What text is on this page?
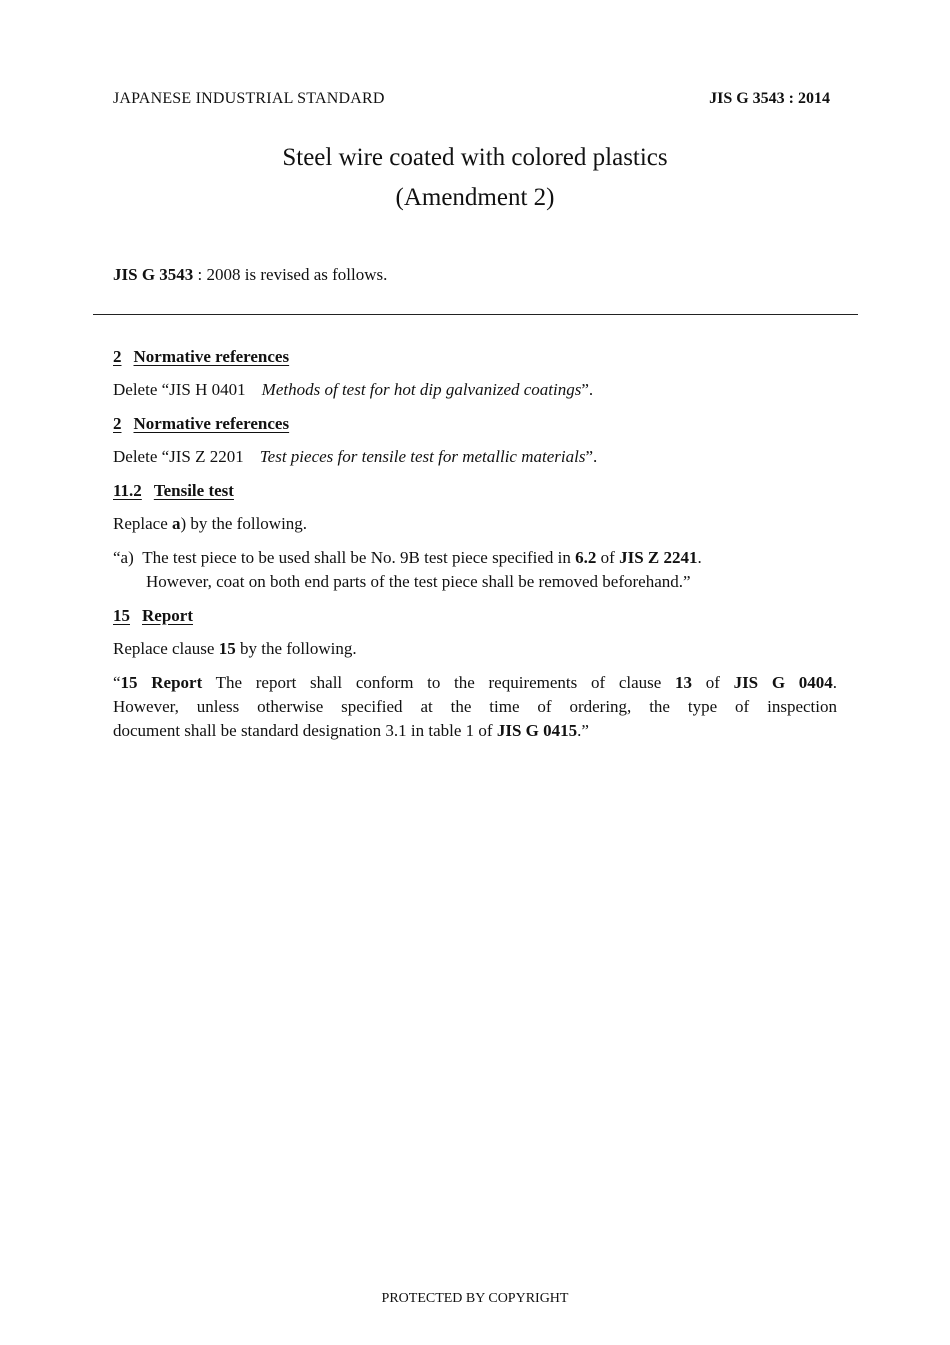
JAPANESE INDUSTRIAL STANDARD	JIS G 3543 : 2014
Steel wire coated with colored plastics
(Amendment 2)
JIS G 3543 : 2008 is revised as follows.
2 Normative references
Delete “JIS H 0401 Methods of test for hot dip galvanized coatings”.
2 Normative references
Delete “JIS Z 2201 Test pieces for tensile test for metallic materials”.
11.2 Tensile test
Replace a) by the following.
“a) The test piece to be used shall be No. 9B test piece specified in 6.2 of JIS Z 2241.
However, coat on both end parts of the test piece shall be removed beforehand.”
15 Report
Replace clause 15 by the following.
“15 Report The report shall conform to the requirements of clause 13 of JIS G 0404.
However, unless otherwise specified at the time of ordering, the type of inspection
document shall be standard designation 3.1 in table 1 of JIS G 0415.”
PROTECTED BY COPYRIGHT
